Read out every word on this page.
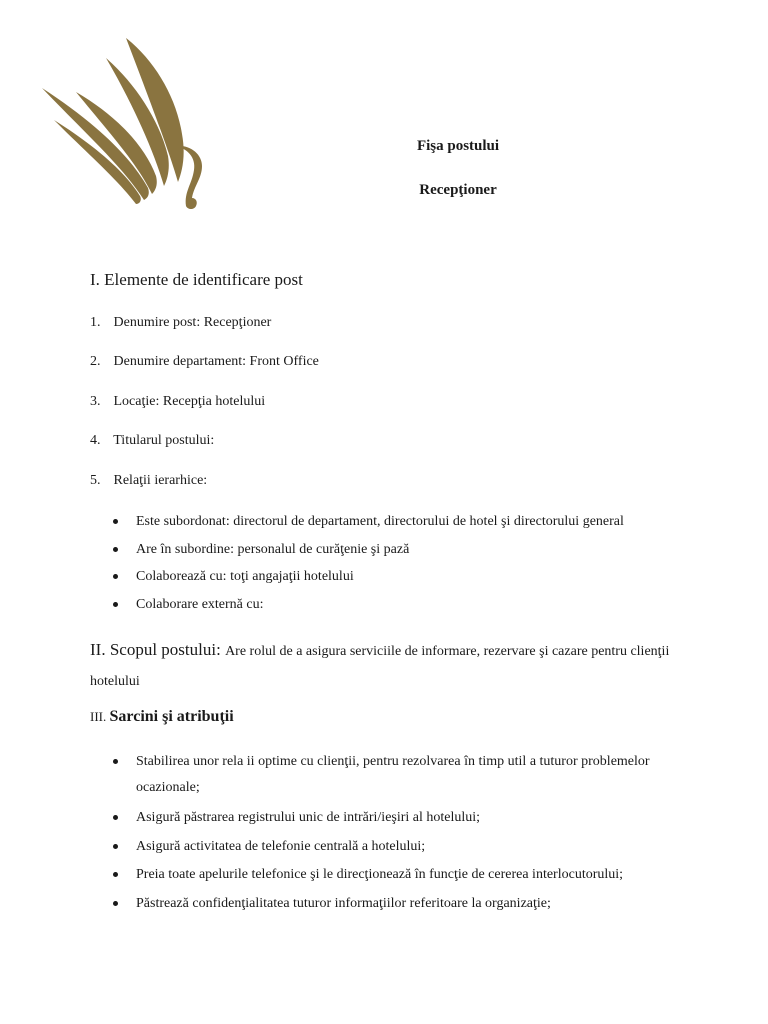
Fişa postului
Recepţioner
I. Elemente de identificare post
1. Denumire post: Recepţioner
2. Denumire departament: Front Office
3. Locaţie: Recepţia hotelului
4. Titularul postului:
5. Relaţii ierarhice:
Este subordonat: directorul de departament, directorului de hotel şi directorului general
Are în subordine: personalul de curăţenie şi pază
Colaborează cu: toţi angajaţii hotelului
Colaborare externă cu:
II. Scopul postului: Are rolul de a asigura serviciile de informare, rezervare şi cazare pentru clienţii hotelului
III. Sarcini şi atribuţii
Stabilirea unor rela ii optime cu clienţii, pentru rezolvarea în timp util a tuturor problemelor ocazionale;
Asigură păstrarea registrului unic de intrări/ieşiri al hotelului;
Asigură activitatea de telefonie centrală a hotelului;
Preia toate apelurile telefonice şi le direcţionează în funcţie de cererea interlocutorului;
Păstrează confidenţialitatea tuturor informaţiilor referitoare la organizaţie;
